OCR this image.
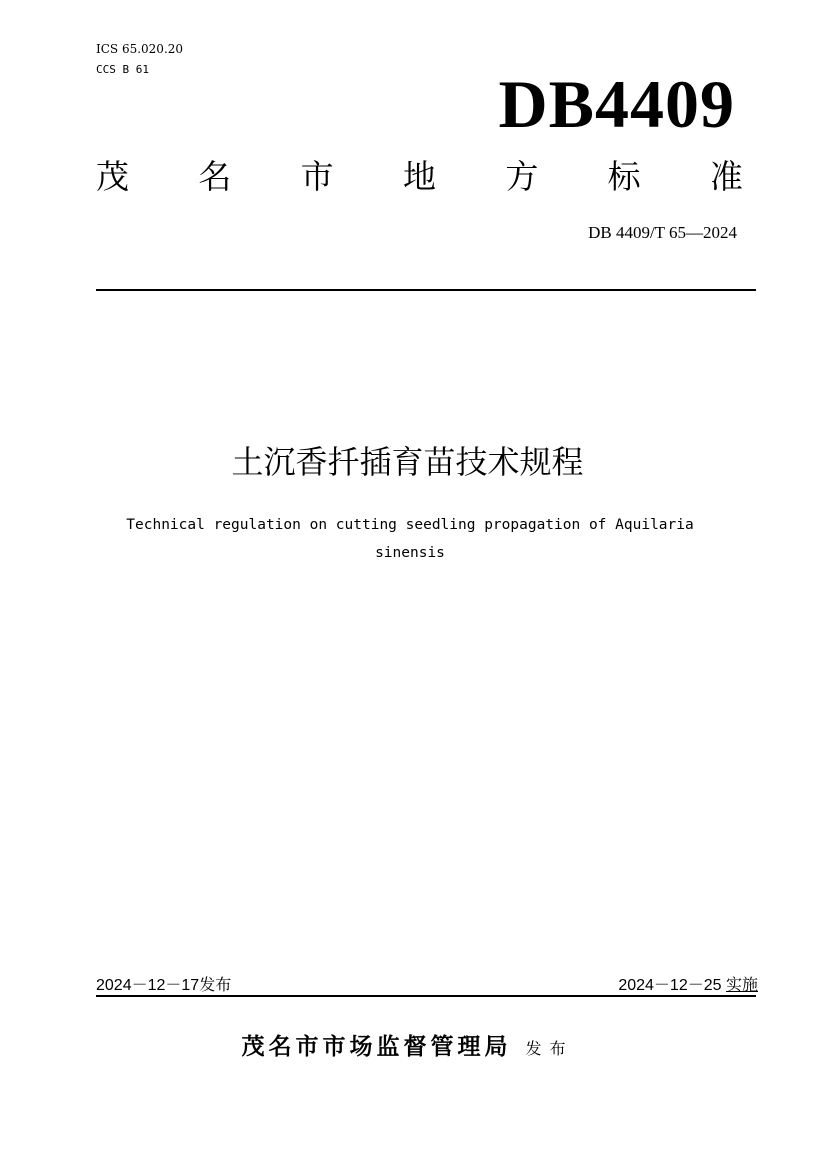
ICS 65.020.20
CCS B 61	DB4409
茂 名 市 地 方 标 准
DB 4409/T 65—2024
土沉香扦插育苗技术规程
Technical regulation on cutting seedling propagation of Aquilaria sinensis
2024－12－17发布	2024－12－25 实施
茂名市市场监督管理局 发布
